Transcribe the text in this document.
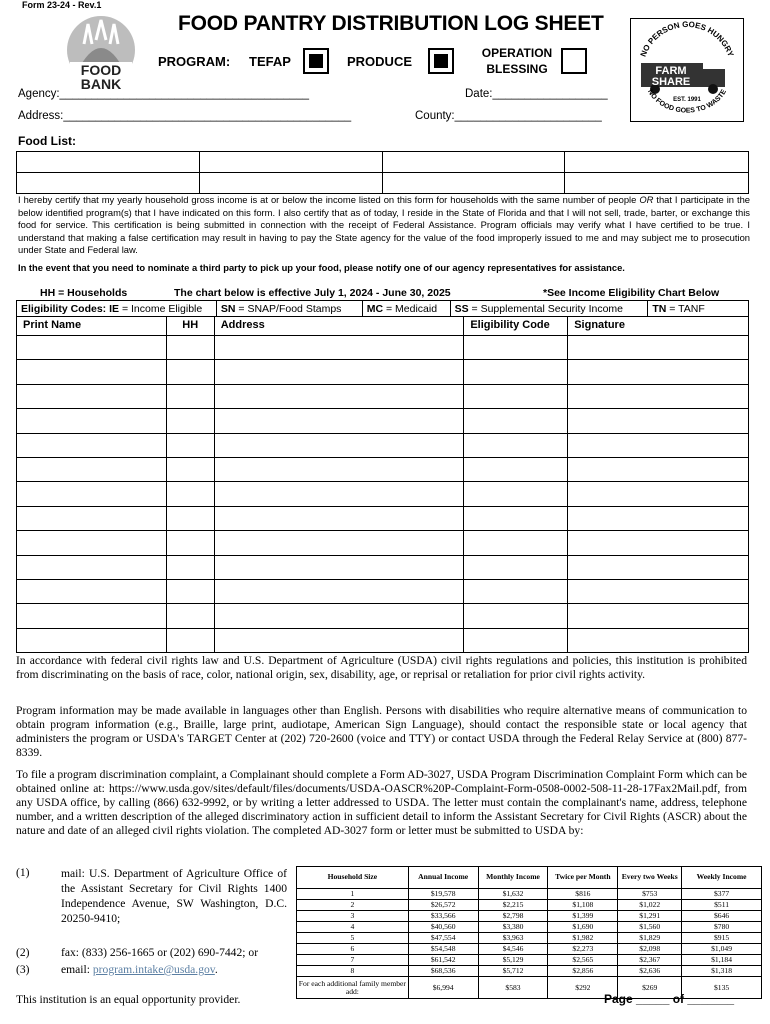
Form 23-24 - Rev.1
FOOD
BANK
FOOD PANTRY DISTRIBUTION LOG SHEET
PROGRAM: TEFAP	PRODUCE
OPERATION BLESSING
NO PERSON GOES HUNGRY
FARM
SHARE
EST. 1991
NO FOOD GOES TO WASTE
Agency:_______________________________________	Date:__________________
Address:_____________________________________________	County:_______________________
Food List:

I hereby certify that my yearly household gross income is at or below the income listed on this form for households with the same number of people OR that I participate in the below identified program(s) that I have indicated on this form. I also certify that as of today, I reside in the State of Florida and that I will not sell, trade, barter, or exchange this food for service. This certification is being submitted in connection with the receipt of Federal Assistance. Program officials may verify what I have certified to be true. I understand that making a false certification may result in having to pay the State agency for the value of the food improperly issued to me and may subject me to prosecution under State and Federal law.
In the event that you need to nominate a third party to pick up your food, please notify one of our agency representatives for assistance.
HH = Households	The chart below is effective July 1, 2024 - June 30, 2025	*See Income Eligibility Chart Below
Eligibility Codes: IE = Income Eligible	SN = SNAP/Food Stamps	MC = Medicaid	SS = Supplemental Security Income	TN = TANF
Print Name	HH	Address	Eligibility Code	Signature

In accordance with federal civil rights law and U.S. Department of Agriculture (USDA) civil rights regulations and policies, this institution is prohibited from discriminating on the basis of race, color, national origin, sex, disability, age, or reprisal or retaliation for prior civil rights activity.
Program information may be made available in languages other than English. Persons with disabilities who require alternative means of communication to obtain program information (e.g., Braille, large print, audiotape, American Sign Language), should contact the responsible state or local agency that administers the program or USDA's TARGET Center at (202) 720-2600 (voice and TTY) or contact USDA through the Federal Relay Service at (800) 877-8339.
To file a program discrimination complaint, a Complainant should complete a Form AD-3027, USDA Program Discrimination Complaint Form which can be obtained online at: https://www.usda.gov/sites/default/files/documents/USDA-OASCR%20P-Complaint-Form-0508-0002-508-11-28-17Fax2Mail.pdf, from any USDA office, by calling (866) 632-9992, or by writing a letter addressed to USDA. The letter must contain the complainant's name, address, telephone number, and a written description of the alleged discriminatory action in sufficient detail to inform the Assistant Secretary for Civil Rights (ASCR) about the nature and date of an alleged civil rights violation. The completed AD-3027 form or letter must be submitted to USDA by:
(1)	mail: U.S. Department of Agriculture Office of the Assistant Secretary for Civil Rights 1400 Independence Avenue, SW Washington, D.C. 20250-9410;
(2)	fax: (833) 256-1665 or (202) 690-7442; or
(3)	email: program.intake@usda.gov.
Household Size	Annual Income	Monthly Income	Twice per Month	Every two Weeks	Weekly Income
1	$19,578	$1,632	$816	$753	$377
2	$26,572	$2,215	$1,108	$1,022	$511
3	$33,566	$2,798	$1,399	$1,291	$646
4	$40,560	$3,380	$1,690	$1,560	$780
5	$47,554	$3,963	$1,982	$1,829	$915
6	$54,548	$4,546	$2,273	$2,098	$1,049
7	$61,542	$5,129	$2,565	$2,367	$1,184
8	$68,536	$5,712	$2,856	$2,636	$1,318
For each additional family member add:	$6,994	$583	$292	$269	$135
This institution is an equal opportunity provider.	Page _____ of _______
